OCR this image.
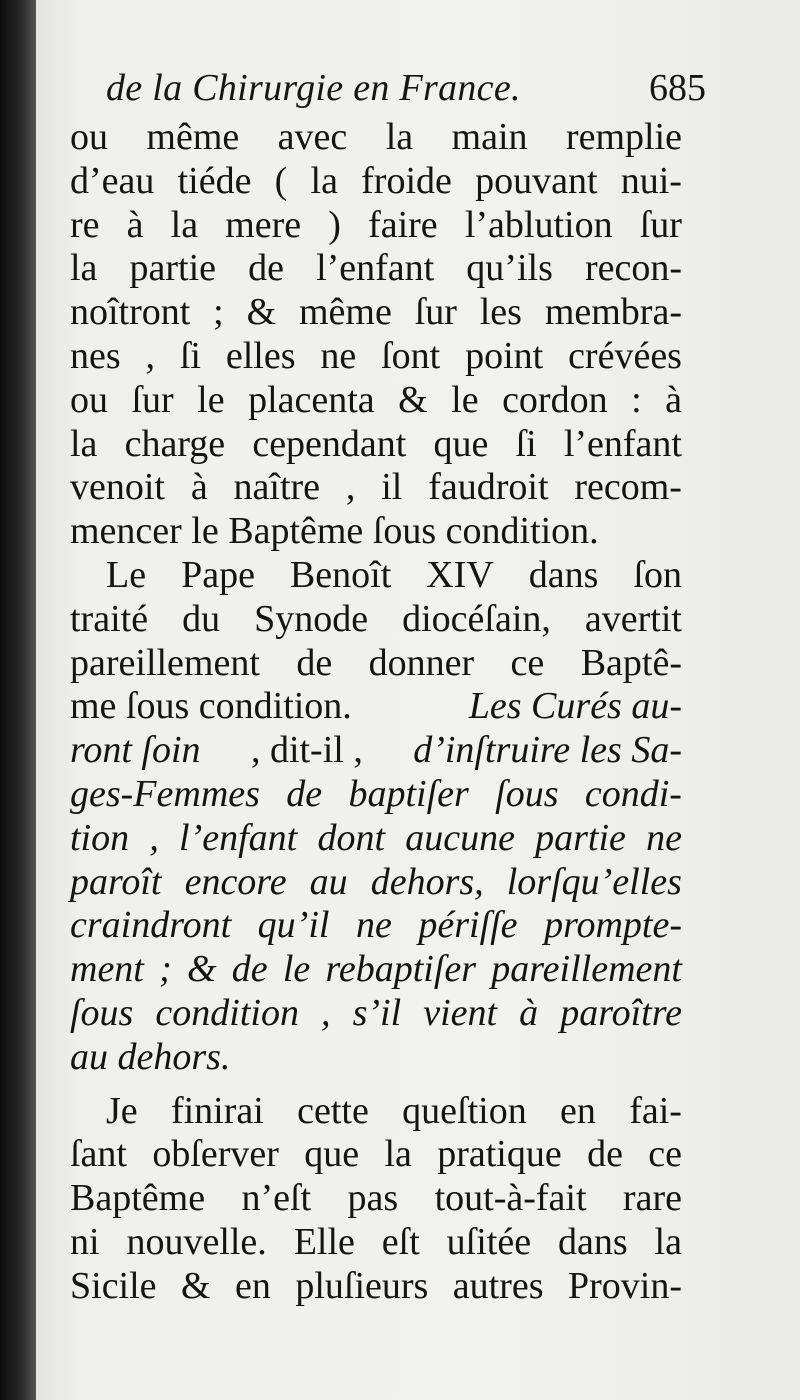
de la Chirurgie en France.	685
ou même avec la main remplie
d’eau tiéde ( la froide pouvant nui-
re à la mere ) faire l’ablution ſur
la partie de l’enfant qu’ils recon-
noîtront ; & même ſur les membra-
nes , ſi elles ne ſont point crévées
ou ſur le placenta & le cordon : à
la charge cependant que ſi l’enfant
venoit à naître , il faudroit recom-
mencer le Baptême ſous condition.
Le Pape Benoît XIV dans ſon
traité du Synode diocéſain, avertit
pareillement de donner ce Baptê-
me ſous condition.	Les Curés au-
ront ſoin , dit-il , d’inſtruire les Sa-
ges-Femmes de baptiſer ſous condi-
tion , l’enfant dont aucune partie ne
paroît encore au dehors, lorſqu’elles
craindront qu’il ne périſſe prompte-
ment ; & de le rebaptiſer pareillement
ſous condition , s’il vient à paroître
au dehors.
Je finirai cette queſtion en fai-
ſant obſerver que la pratique de ce
Baptême n’eſt pas tout-à-fait rare
ni nouvelle. Elle eſt uſitée dans la
Sicile & en pluſieurs autres Provin-
